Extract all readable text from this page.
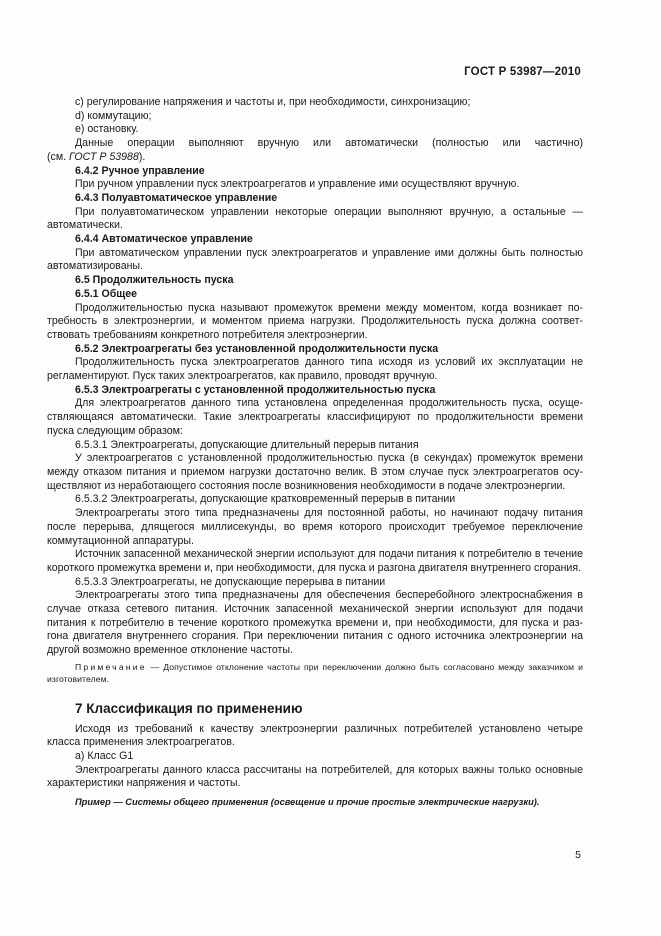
ГОСТ Р 53987—2010

c) регулирование напряжения и частоты и, при необходимости, синхронизацию;

d) коммутацию;

e) остановку.

Данные операции выполняют вручную или автоматически (полностью или частично)

(см. ГОСТ Р 53988).

6.4.2 Ручное управление

При ручном управлении пуск электроагрегатов и управление ими осуществляют вручную.

6.4.3 Полуавтоматическое управление

При полуавтоматическом управлении некоторые операции выполняют вручную, а остальные — автоматически.

6.4.4 Автоматическое управление

При автоматическом управлении пуск электроагрегатов и управление ими должны быть полностью автоматизированы.

6.5 Продолжительность пуска

6.5.1 Общее

Продолжительностью пуска называют промежуток времени между моментом, когда возникает потребность в электроэнергии, и моментом приема нагрузки. Продолжительность пуска должна соответствовать требованиям конкретного потребителя электроэнергии.

6.5.2 Электроагрегаты без установленной продолжительности пуска

Продолжительность пуска электроагрегатов данного типа исходя из условий их эксплуатации не регламентируют. Пуск таких электроагрегатов, как правило, проводят вручную.

6.5.3 Электроагрегаты с установленной продолжительностью пуска

Для электроагрегатов данного типа установлена определенная продолжительность пуска, осуществляющаяся автоматически. Такие электроагрегаты классифицируют по продолжительности времени пуска следующим образом:

6.5.3.1 Электроагрегаты, допускающие длительный перерыв питания

У электроагрегатов с установленной продолжительностью пуска (в секундах) промежуток времени между отказом питания и приемом нагрузки достаточно велик. В этом случае пуск электроагрегатов осуществляют из неработающего состояния после возникновения необходимости в подаче электроэнергии.

6.5.3.2 Электроагрегаты, допускающие кратковременный перерыв в питании

Электроагрегаты этого типа предназначены для постоянной работы, но начинают подачу питания после перерыва, длящегося миллисекунды, во время которого происходит требуемое переключение коммутационной аппаратуры.

Источник запасенной механической энергии используют для подачи питания к потребителю в течение короткого промежутка времени и, при необходимости, для пуска и разгона двигателя внутреннего сгорания.

6.5.3.3 Электроагрегаты, не допускающие перерыва в питании

Электроагрегаты этого типа предназначены для обеспечения бесперебойного электроснабжения в случае отказа сетевого питания. Источник запасенной механической энергии используют для подачи питания к потребителю в течение короткого промежутка времени и, при необходимости, для пуска и разгона двигателя внутреннего сгорания. При переключении питания с одного источника электроэнергии на другой возможно временное отклонение частоты.

Примечание — Допустимое отклонение частоты при переключении должно быть согласовано между заказчиком и изготовителем.

7 Классификация по применению

Исходя из требований к качеству электроэнергии различных потребителей установлено четыре класса применения электроагрегатов.

а) Класс G1

Электроагрегаты данного класса рассчитаны на потребителей, для которых важны только основные характеристики напряжения и частоты.

Пример — Системы общего применения (освещение и прочие простые электрические нагрузки).

5
